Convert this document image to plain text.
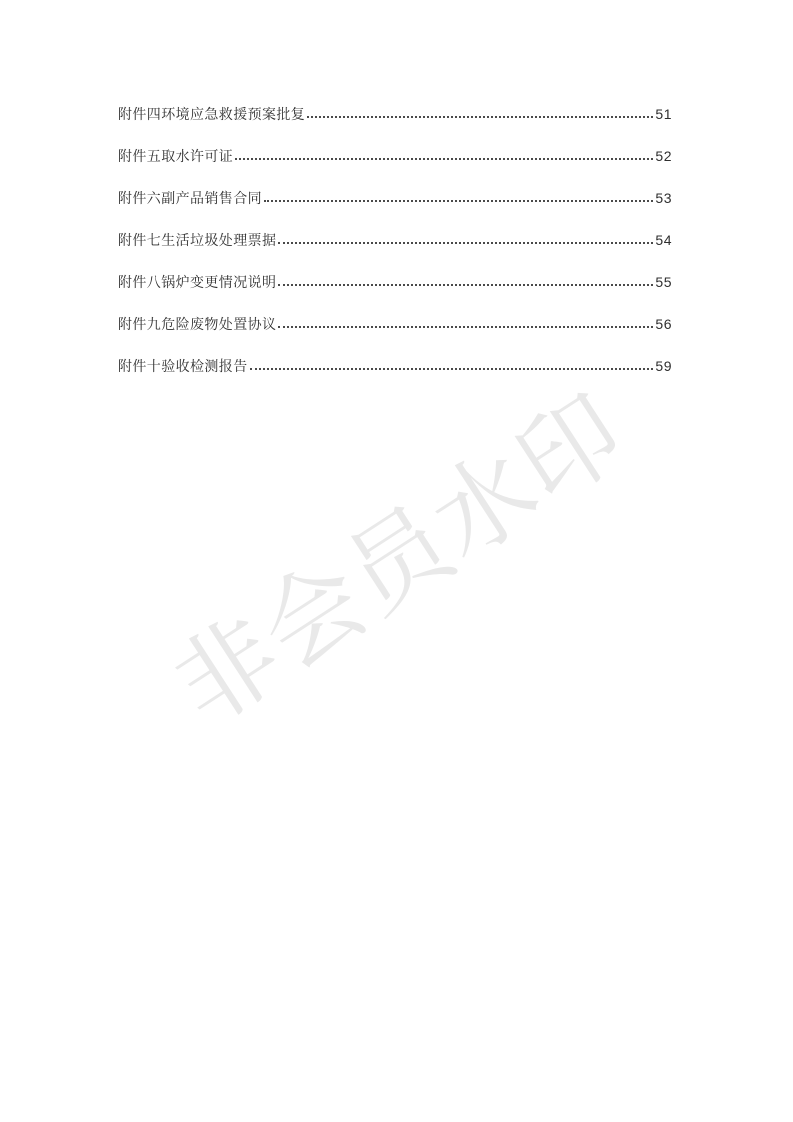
非会员水印
附件四环境应急救援预案批复	51
附件五取水许可证	52
附件六副产品销售合同	53
附件七生活垃圾处理票据	54
附件八锅炉变更情况说明	55
附件九危险废物处置协议	56
附件十验收检测报告	59
